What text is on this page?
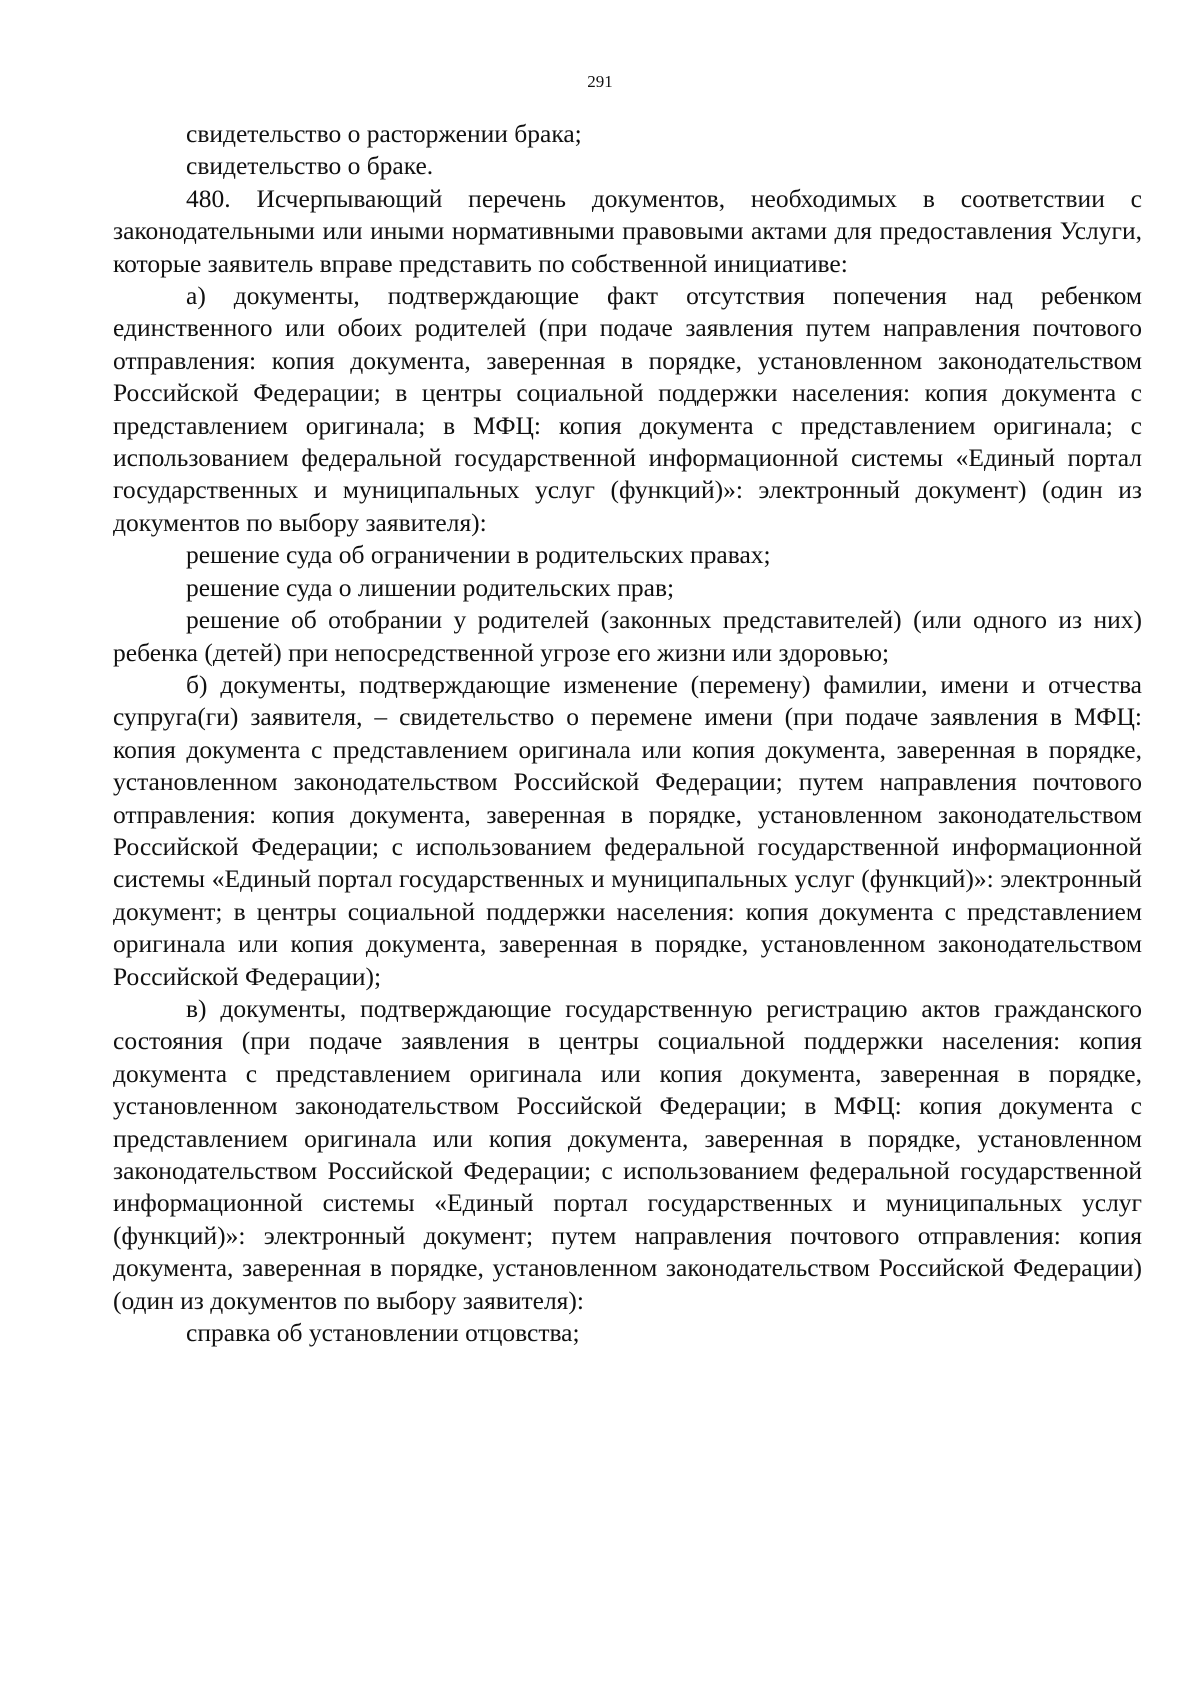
291

свидетельство о расторжении брака;

свидетельство о браке.

480. Исчерпывающий перечень документов, необходимых в соответствии с законодательными или иными нормативными правовыми актами для предоставления Услуги, которые заявитель вправе представить по собственной инициативе:

а) документы, подтверждающие факт отсутствия попечения над ребенком единственного или обоих родителей (при подаче заявления путем направления почтового отправления: копия документа, заверенная в порядке, установленном законодательством Российской Федерации; в центры социальной поддержки населения: копия документа с представлением оригинала; в МФЦ: копия документа с представлением оригинала; с использованием федеральной государственной информационной системы «Единый портал государственных и муниципальных услуг (функций)»: электронный документ) (один из документов по выбору заявителя):

решение суда об ограничении в родительских правах;

решение суда о лишении родительских прав;

решение об отобрании у родителей (законных представителей) (или одного из них) ребенка (детей) при непосредственной угрозе его жизни или здоровью;

б) документы, подтверждающие изменение (перемену) фамилии, имени и отчества супруга(ги) заявителя, – свидетельство о перемене имени (при подаче заявления в МФЦ: копия документа с представлением оригинала или копия документа, заверенная в порядке, установленном законодательством Российской Федерации; путем направления почтового отправления: копия документа, заверенная в порядке, установленном законодательством Российской Федерации; с использованием федеральной государственной информационной системы «Единый портал государственных и муниципальных услуг (функций)»: электронный документ; в центры социальной поддержки населения: копия документа с представлением оригинала или копия документа, заверенная в порядке, установленном законодательством Российской Федерации);

в) документы, подтверждающие государственную регистрацию актов гражданского состояния (при подаче заявления в центры социальной поддержки населения: копия документа с представлением оригинала или копия документа, заверенная в порядке, установленном законодательством Российской Федерации; в МФЦ: копия документа с представлением оригинала или копия документа, заверенная в порядке, установленном законодательством Российской Федерации; с использованием федеральной государственной информационной системы «Единый портал государственных и муниципальных услуг (функций)»: электронный документ; путем направления почтового отправления: копия документа, заверенная в порядке, установленном законодательством Российской Федерации) (один из документов по выбору заявителя):

справка об установлении отцовства;
